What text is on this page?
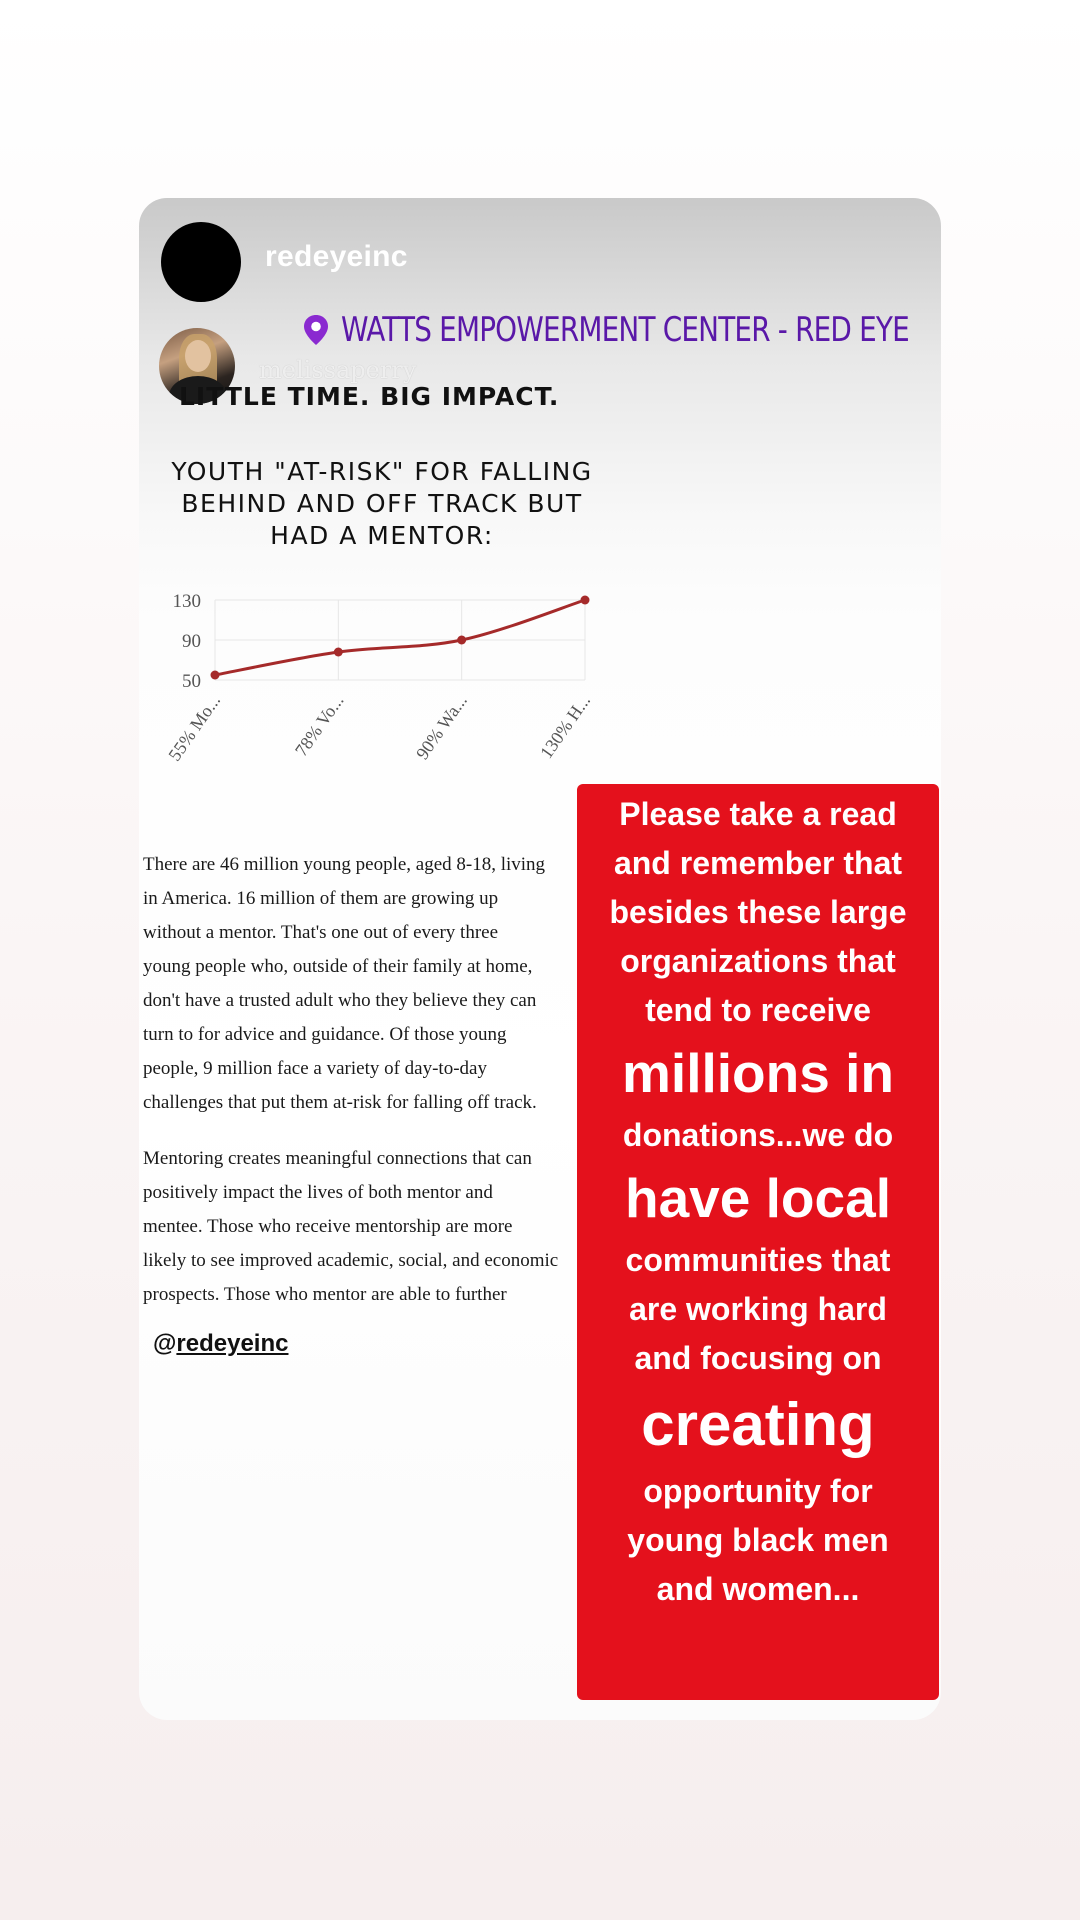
redeyeinc
WATTS EMPOWERMENT CENTER - RED EYE
melissaperry
LITTLE TIME. BIG IMPACT.
YOUTH "AT-RISK" FOR FALLING
BEHIND AND OFF TRACK BUT
HAD A MENTOR:
50
90
130
55% Mo...	78% Vo...	90% Wa...	130% H...
There are 46 million young people, aged 8-18, living
in America. 16 million of them are growing up
without a mentor. That's one out of every three
young people who, outside of their family at home,
don't have a trusted adult who they believe they can
turn to for advice and guidance. Of those young
people, 9 million face a variety of day-to-day
challenges that put them at-risk for falling off track.
Mentoring creates meaningful connections that can
positively impact the lives of both mentor and
mentee. Those who receive mentorship are more
likely to see improved academic, social, and economic
prospects. Those who mentor are able to further
@redeyeinc
Please take a read
and remember that
besides these large
organizations that
tend to receive
millions in
donations...we do
have local
communities that
are working hard
and focusing on
creating
opportunity for
young black men
and women...
